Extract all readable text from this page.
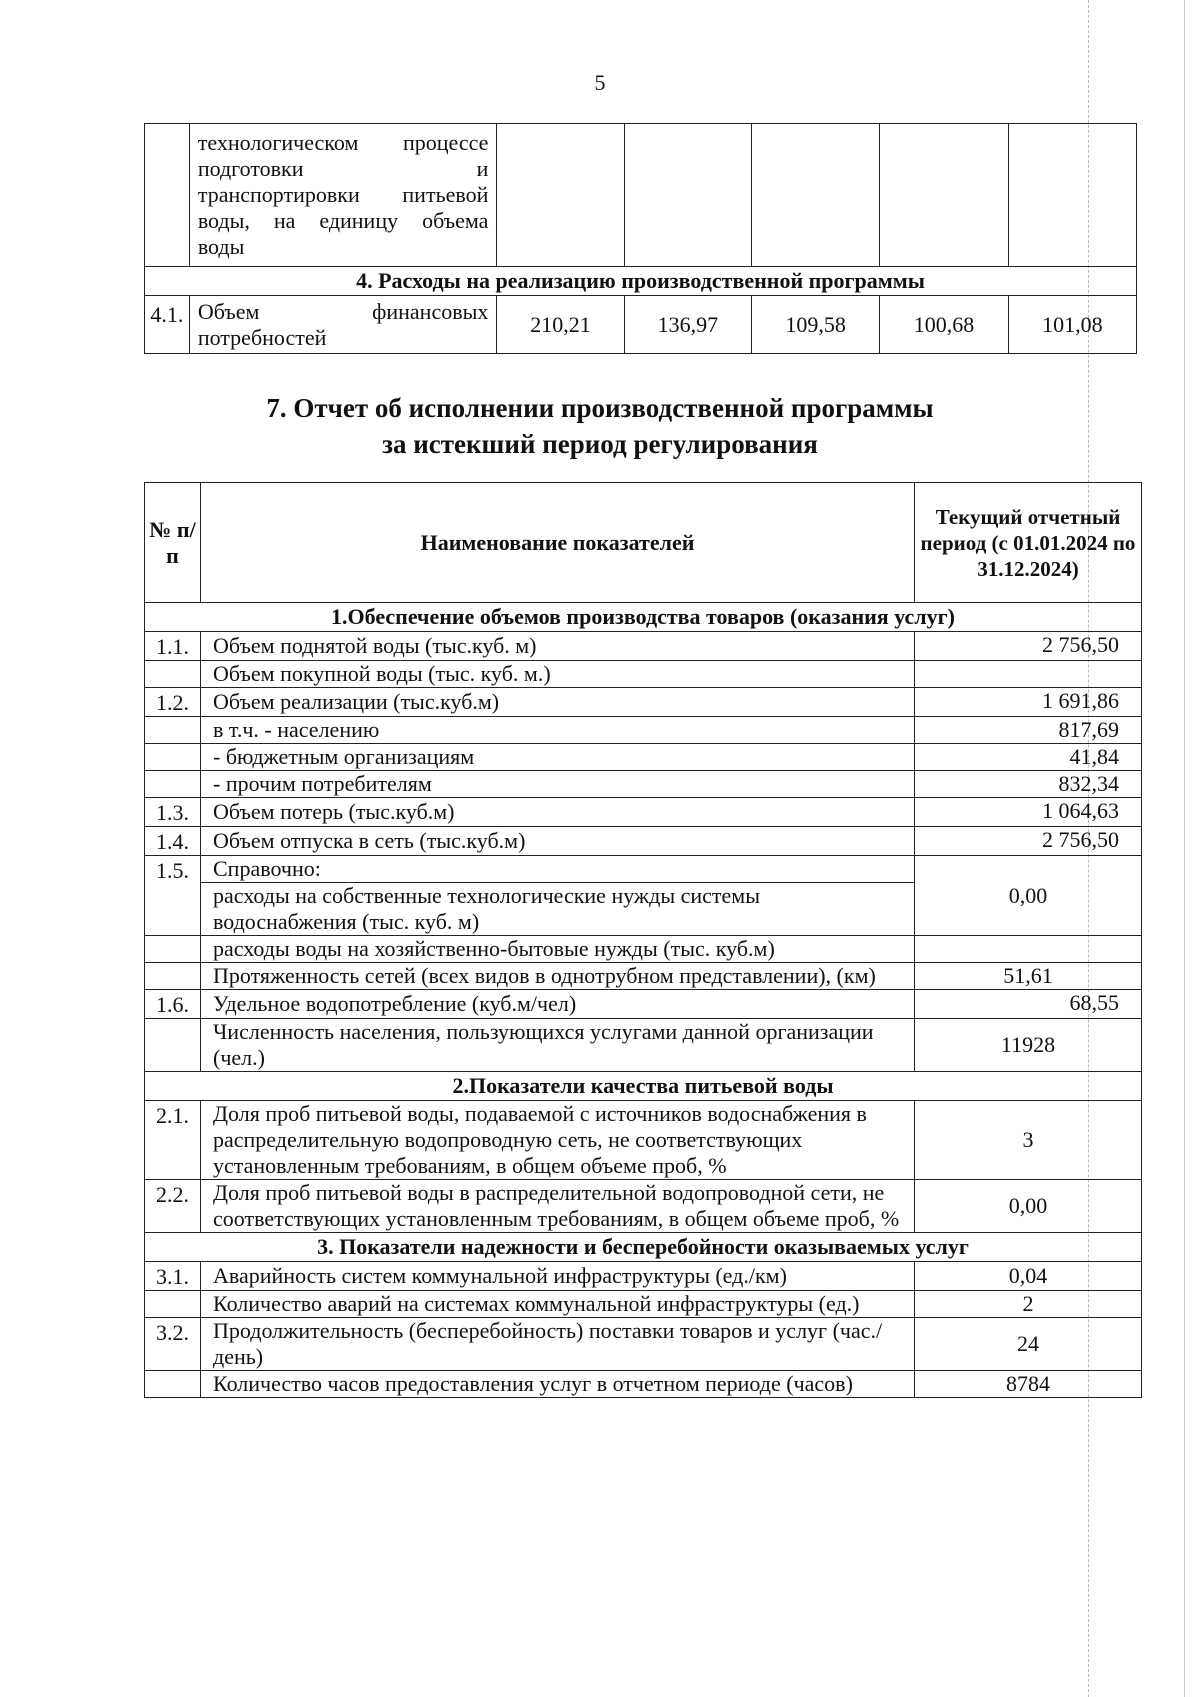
5

	технологическом процессе
подготовки и
транспортировки питьевой
воды, на единицу объема
воды					

4. Расходы на реализацию производственной программы						
4.1.	Объем финансовых
потребностей	210,21	136,97	109,58	100,68	101,08
7. Отчет об исполнении производственной программы
за истекший период регулирования
№ п/п	Наименование показателей	Текущий отчетный период (с 01.01.2024 по 31.12.2024)
1.Обеспечение объемов производства товаров (оказания услуг)		
1.1.	Объем поднятой воды (тыс.куб. м)	2 756,50
	Объем покупной воды (тыс. куб. м.)	
1.2.	Объем реализации (тыс.куб.м)	1 691,86
	в т.ч. - населению	817,69
	- бюджетным организациям	41,84
	- прочим потребителям	832,34
1.3.	Объем потерь (тыс.куб.м)	1 064,63
1.4.	Объем отпуска в сеть (тыс.куб.м)	2 756,50
1.5.	Справочно:	0,00
	расходы на собственные технологические нужды системы водоснабжения (тыс. куб. м)	
	расходы воды на хозяйственно-бытовые нужды (тыс. куб.м)	
	Протяженность сетей (всех видов в однотрубном представлении), (км)	51,61
1.6.	Удельное водопотребление (куб.м/чел)	68,55
	Численность населения, пользующихся услугами данной организации (чел.)	11928
2.Показатели качества питьевой воды		
2.1.	Доля проб питьевой воды, подаваемой с источников водоснабжения в распределительную водопроводную сеть, не соответствующих установленным требованиям, в общем объеме проб, %	3
2.2.	Доля проб питьевой воды в распределительной водопроводной сети, не соответствующих установленным требованиям, в общем объеме проб, %	0,00
3. Показатели надежности и бесперебойности оказываемых услуг		
3.1.	Аварийность систем коммунальной инфраструктуры (ед./км)	0,04
	Количество аварий на системах коммунальной инфраструктуры (ед.)	2
3.2.	Продолжительность (бесперебойность) поставки товаров и услуг (час./день)	24
	Количество часов предоставления услуг в отчетном периоде (часов)	8784
